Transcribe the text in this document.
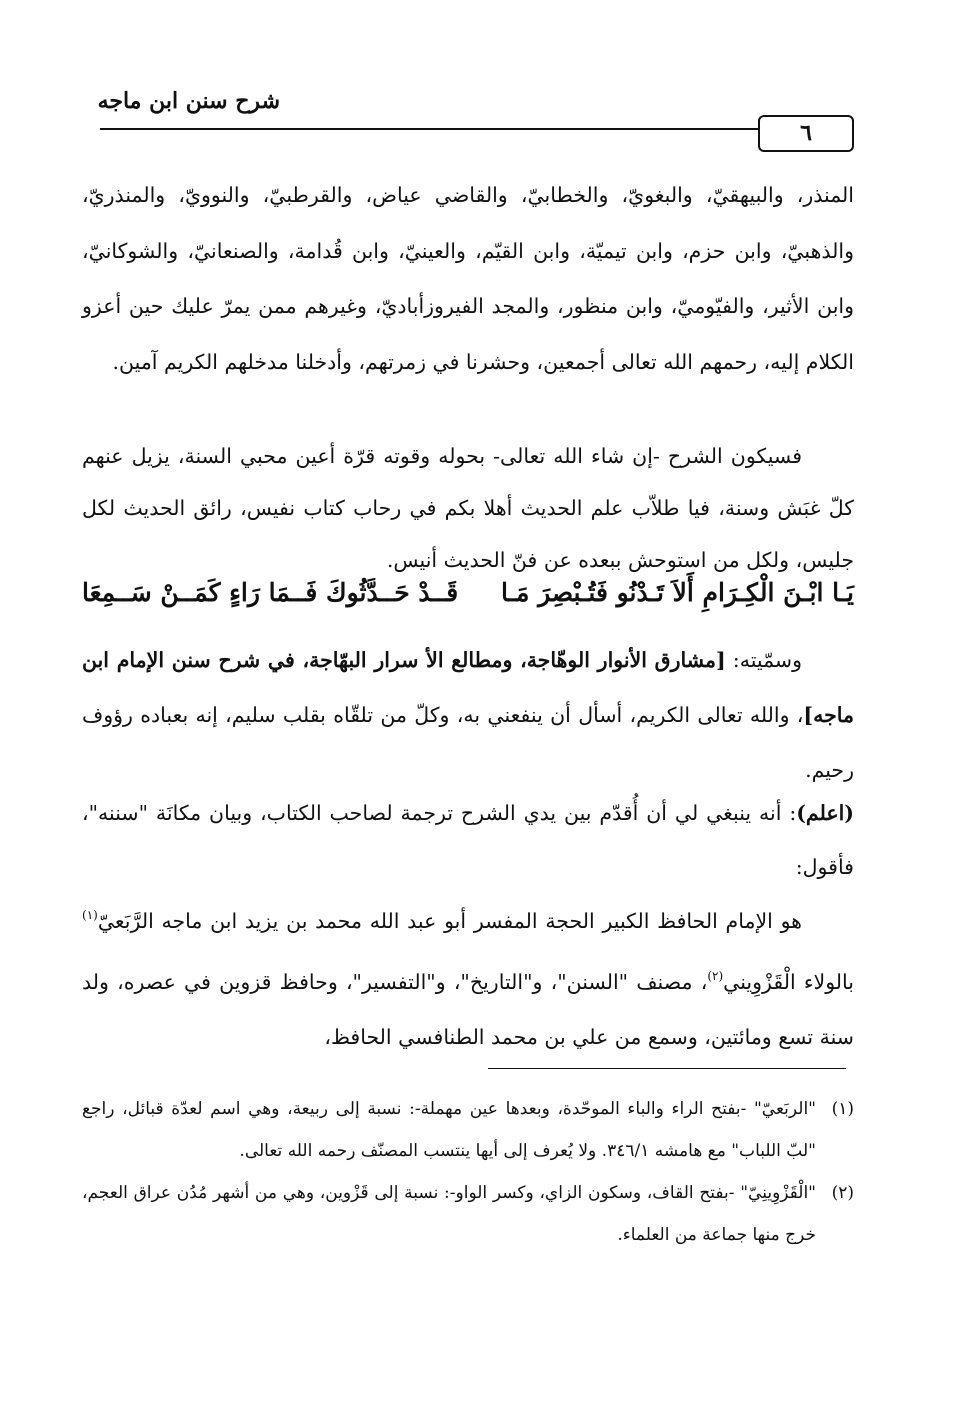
شرح سنن ابن ماجه
٦

المنذر، والبيهقيّ، والبغويّ، والخطابيّ، والقاضي عياض، والقرطبيّ، والنوويّ، والمنذريّ، والذهبيّ، وابن حزم، وابن تيميّة، وابن القيّم، والعينيّ، وابن قُدامة، والصنعانيّ، والشوكانيّ، وابن الأثير، والفيّوميّ، وابن منظور، والمجد الفيروزأباديّ، وغيرهم ممن يمرّ عليك حين أعزو الكلام إليه، رحمهم الله تعالى أجمعين، وحشرنا في زمرتهم، وأدخلنا مدخلهم الكريم آمين.

فسيكون الشرح -إن شاء الله تعالى- بحوله وقوته قرّة أعين محبي السنة، يزيل عنهم كلّ غبَش وسنة، فيا طلاّب علم الحديث أهلا بكم في رحاب كتاب نفيس، رائق الحديث لكل جليس، ولكل من استوحش ببعده عن فنّ الحديث أنيس.

يَـا ابْـنَ الْكِـرَامِ أَلاَ تَـدْنُو فَتُـبْصِرَ مَـا
قَــدْ حَــدَّثُوكَ فَــمَا رَاءٍ كَمَــنْ سَــمِعَا

وسمّيته: [مشارق الأنوار الوهّاجة، ومطالع الأ سرار البهّاجة، في شرح سنن الإمام ابن ماجه]، والله تعالى الكريم، أسأل أن ينفعني به، وكلّ من تلقّاه بقلب سليم، إنه بعباده رؤوف رحيم.

(اعلم): أنه ينبغي لي أن أُقدّم بين يدي الشرح ترجمة لصاحب الكتاب، وبيان مكانَة "سننه"، فأقول:

هو الإمام الحافظ الكبير الحجة المفسر أبو عبد الله محمد بن يزيد ابن ماجه الرَّبَعيّ$^{(١)}$ بالولاء الْقَزْوِيني$^{(٢)}$، مصنف "السنن"، و"التاريخ"، و"التفسير"، وحافظ قزوين في عصره، ولد سنة تسع ومائتين، وسمع من علي بن محمد الطنافسي الحافظ،

(١)
"الربَعيّ" -بفتح الراء والباء الموحّدة، وبعدها عين مهملة-: نسبة إلى ربيعة، وهي اسم لعدّة قبائل، راجع "لبّ اللباب" مع هامشه ٣٤٦/١. ولا يُعرف إلى أيها ينتسب المصنّف رحمه الله تعالى.

(٢)
"الْقَزْوِينِيّ" -بفتح القاف، وسكون الزاي، وكسر الواو-: نسبة إلى قَزْوين، وهي من أشهر مُدُن عراق العجم، خرج منها جماعة من العلماء.
